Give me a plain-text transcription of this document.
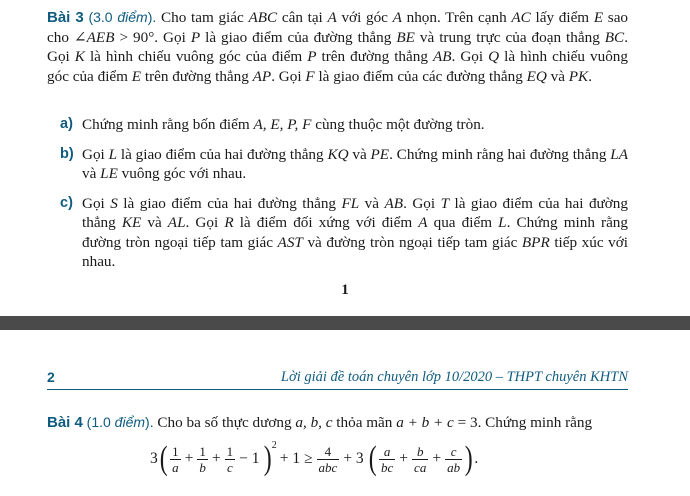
Bài 3 (3.0 điểm). Cho tam giác ABC cân tại A với góc A nhọn. Trên cạnh AC lấy điểm E sao cho ∠AEB > 90°. Gọi P là giao điểm của đường thẳng BE và trung trực của đoạn thẳng BC. Gọi K là hình chiếu vuông góc của điểm P trên đường thẳng AB. Gọi Q là hình chiếu vuông góc của điểm E trên đường thẳng AP. Gọi F là giao điểm của các đường thẳng EQ và PK.
a) Chứng minh rằng bốn điểm A, E, P, F cùng thuộc một đường tròn.
b) Gọi L là giao điểm của hai đường thẳng KQ và PE. Chứng minh rằng hai đường thẳng LA và LE vuông góc với nhau.
c) Gọi S là giao điểm của hai đường thẳng FL và AB. Gọi T là giao điểm của hai đường thẳng KE và AL. Gọi R là điểm đối xứng với điểm A qua điểm L. Chứng minh rằng đường tròn ngoại tiếp tam giác AST và đường tròn ngoại tiếp tam giác BPR tiếp xúc với nhau.
1
2	Lời giải đề toán chuyên lớp 10/2020 – THPT chuyên KHTN
Bài 4 (1.0 điểm). Cho ba số thực dương a, b, c thỏa mãn a + b + c = 3. Chứng minh rằng
3 ( $\frac{1}{a} + \frac{1}{b} + \frac{1}{c} - 1$ ) 2
+ $1 \ge \frac{4}{\text{abc}} + 3$ ( $\frac{a}{bc} + \frac{b}{ca} + \frac{c}{ab}$ ) .
